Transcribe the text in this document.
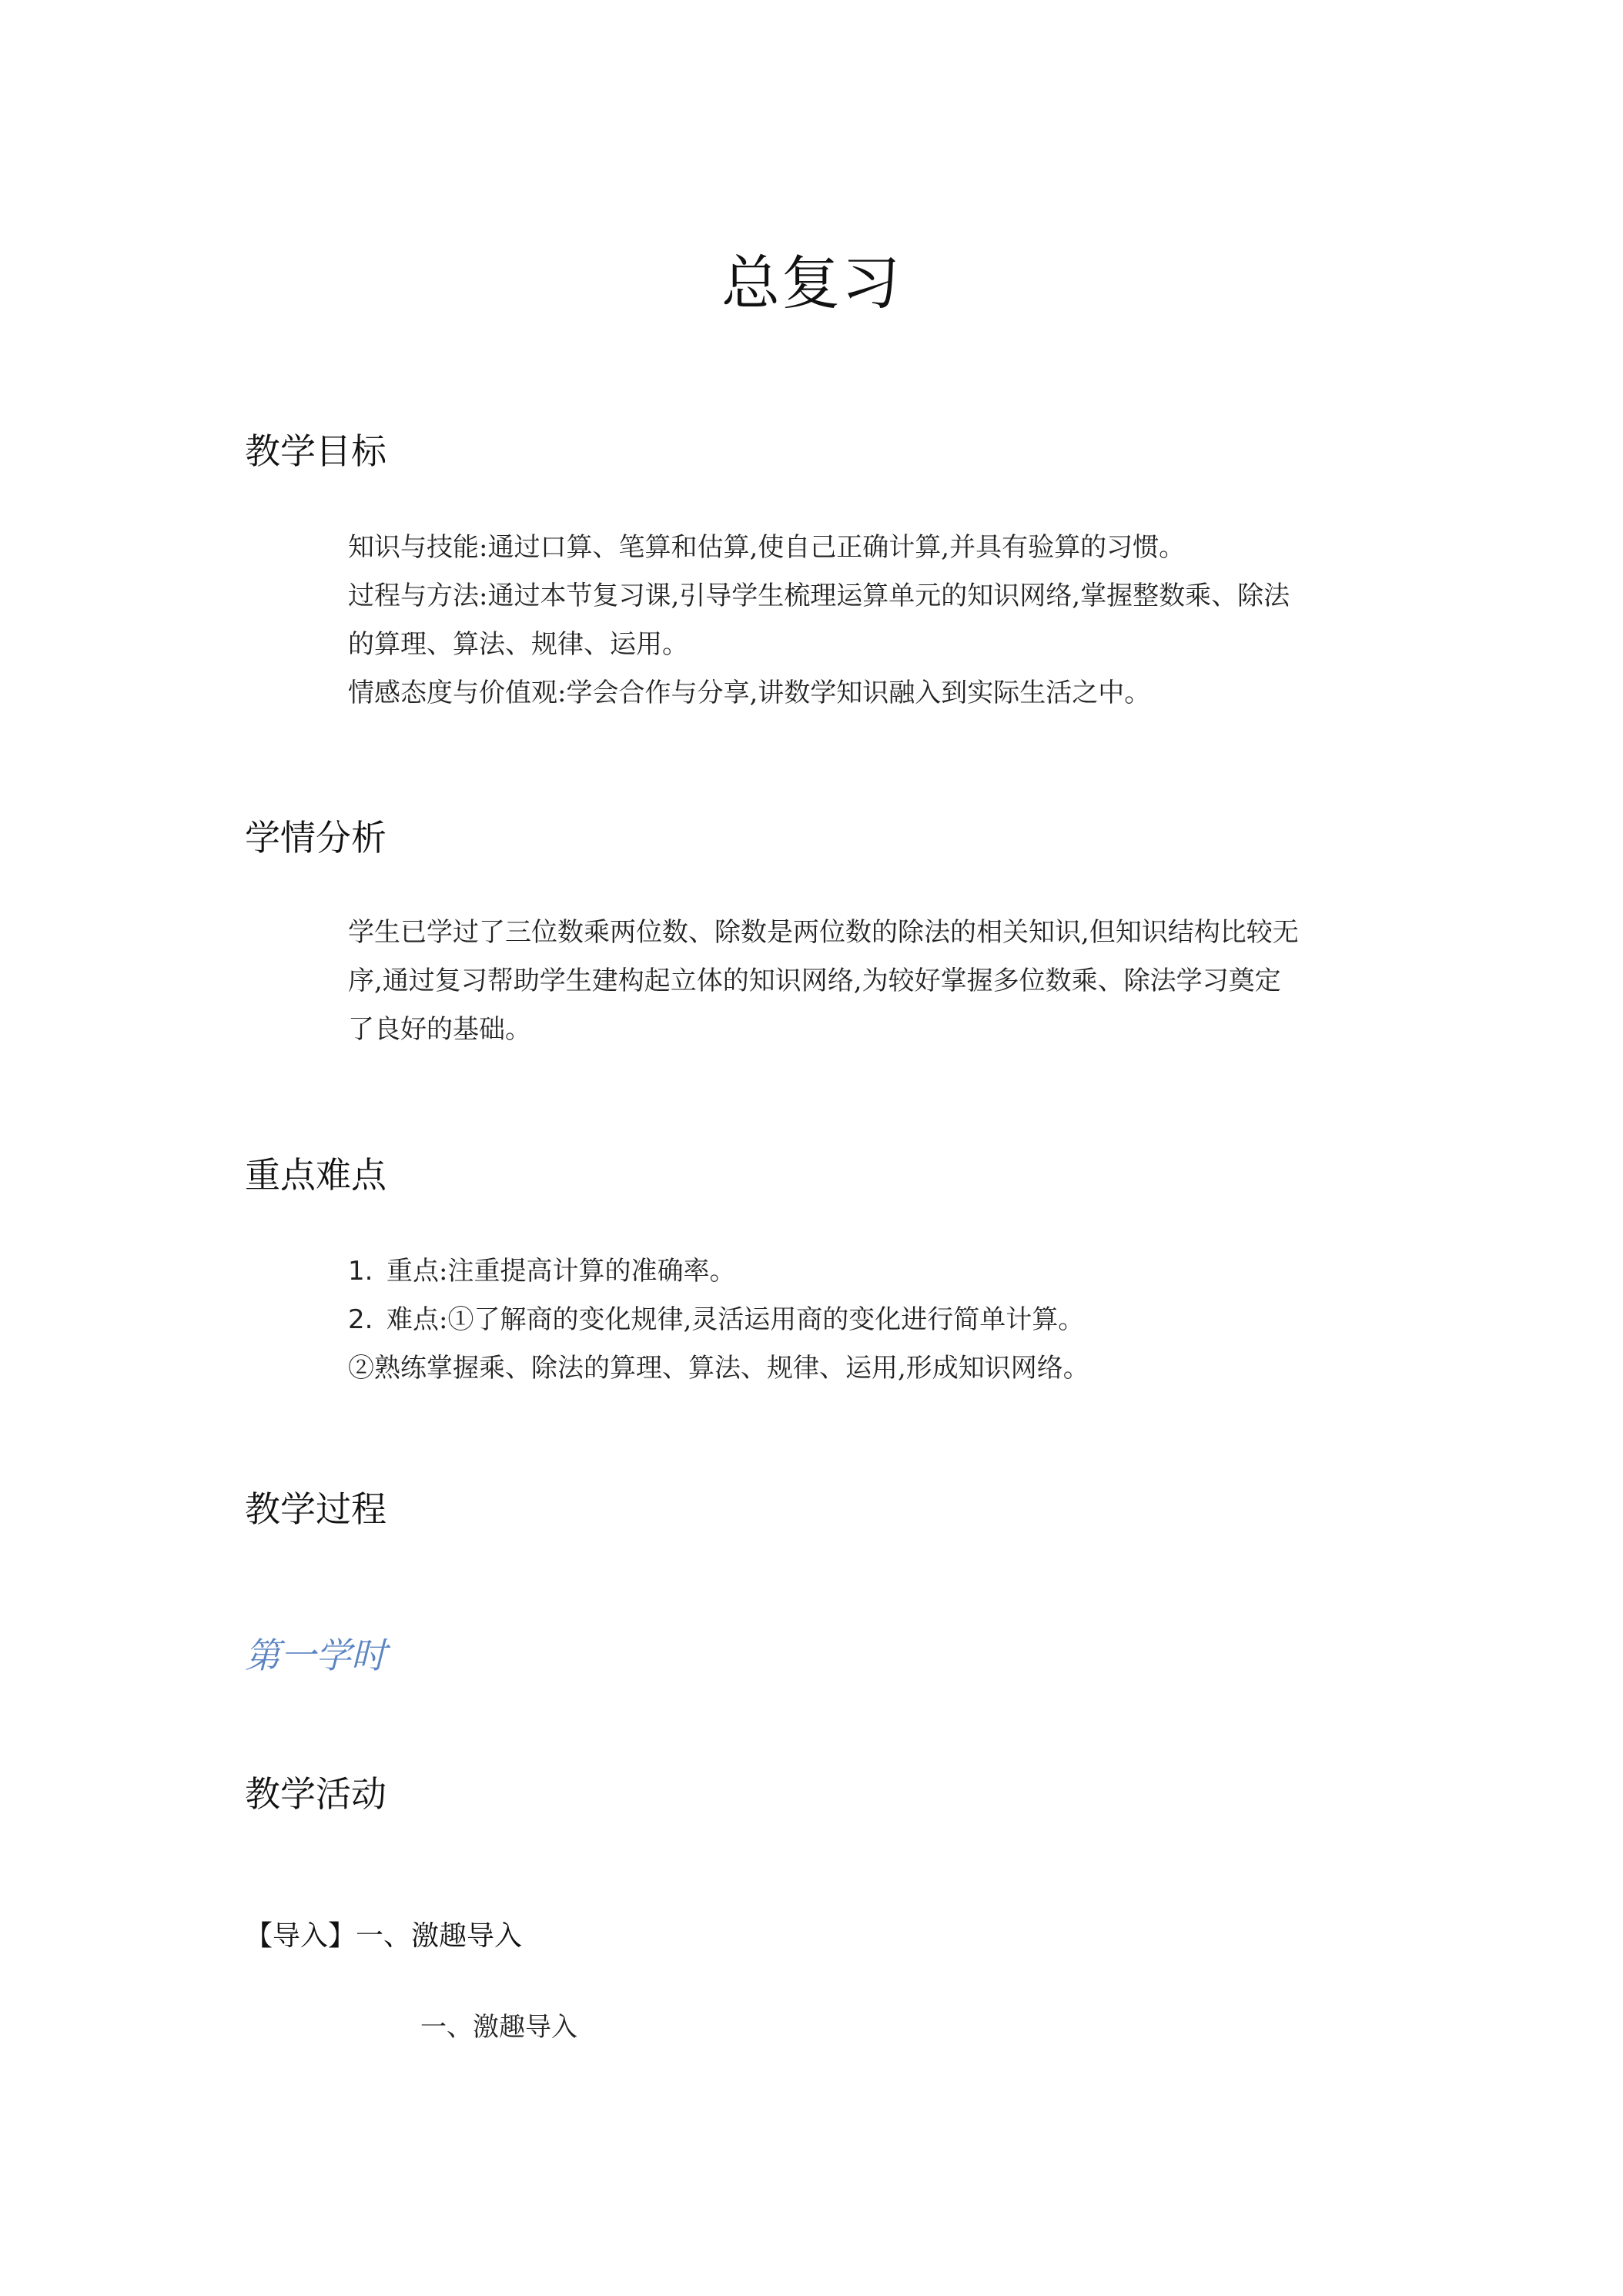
总复习
教学目标

知识与技能:通过口算、笔算和估算,使自己正确计算,并具有验算的习惯。

过程与方法:通过本节复习课,引导学生梳理运算单元的知识网络,掌握整数乘、除法

的算理、算法、规律、运用。

情感态度与价值观:学会合作与分享,讲数学知识融入到实际生活之中。

学情分析

学生已学过了三位数乘两位数、除数是两位数的除法的相关知识,但知识结构比较无

序,通过复习帮助学生建构起立体的知识网络,为较好掌握多位数乘、除法学习奠定

了良好的基础。

重点难点
1. 重点:注重提高计算的准确率。
2. 难点:①了解商的变化规律,灵活运用商的变化进行简单计算。
②熟练掌握乘、除法的算理、算法、规律、运用,形成知识网络。
教学过程
第一学时
教学活动

【导入】一、激趣导入

一、激趣导入
